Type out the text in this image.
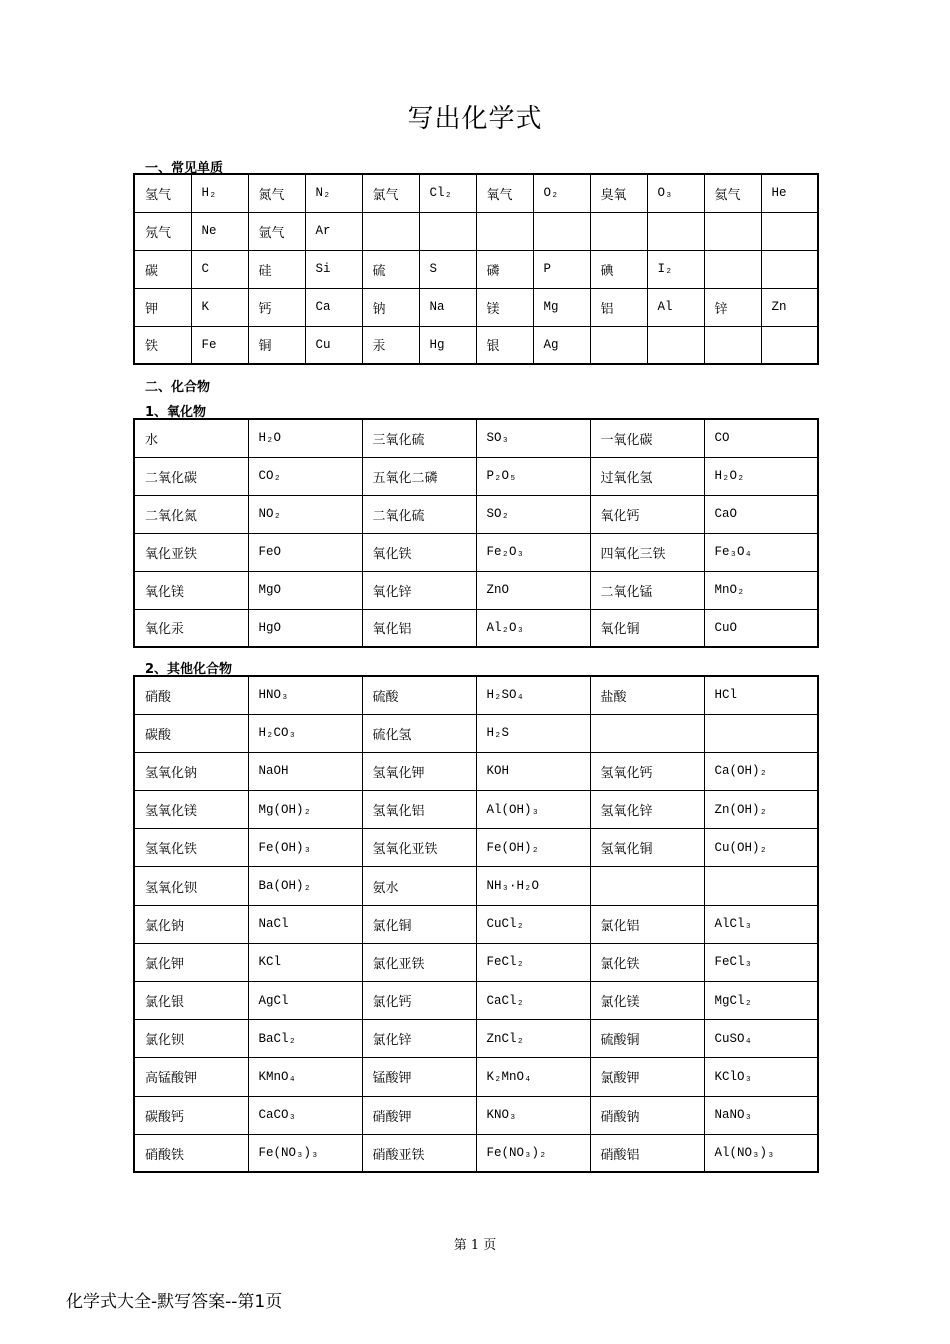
写出化学式
一、常见单质
氢气	H₂	氮气	N₂	氯气	Cl₂	氧气	O₂	臭氧	O₃	氦气	He
氖气	Ne	氩气	Ar								
碳	C	硅	Si	硫	S	磷	P	碘	I₂		
钾	K	钙	Ca	钠	Na	镁	Mg	铝	Al	锌	Zn
铁	Fe	铜	Cu	汞	Hg	银	Ag				
二、化合物
1、氧化物
水	H₂O	三氧化硫	SO₃	一氧化碳	CO
二氧化碳	CO₂	五氧化二磷	P₂O₅	过氧化氢	H₂O₂
二氧化氮	NO₂	二氧化硫	SO₂	氧化钙	CaO
氧化亚铁	FeO	氧化铁	Fe₂O₃	四氧化三铁	Fe₃O₄
氧化镁	MgO	氧化锌	ZnO	二氧化锰	MnO₂
氧化汞	HgO	氧化铝	Al₂O₃	氧化铜	CuO
2、其他化合物
硝酸	HNO₃	硫酸	H₂SO₄	盐酸	HCl
碳酸	H₂CO₃	硫化氢	H₂S		
氢氧化钠	NaOH	氢氧化钾	KOH	氢氧化钙	Ca(OH)₂
氢氧化镁	Mg(OH)₂	氢氧化铝	Al(OH)₃	氢氧化锌	Zn(OH)₂
氢氧化铁	Fe(OH)₃	氢氧化亚铁	Fe(OH)₂	氢氧化铜	Cu(OH)₂
氢氧化钡	Ba(OH)₂	氨水	NH₃·H₂O		
氯化钠	NaCl	氯化铜	CuCl₂	氯化铝	AlCl₃
氯化钾	KCl	氯化亚铁	FeCl₂	氯化铁	FeCl₃
氯化银	AgCl	氯化钙	CaCl₂	氯化镁	MgCl₂
氯化钡	BaCl₂	氯化锌	ZnCl₂	硫酸铜	CuSO₄
高锰酸钾	KMnO₄	锰酸钾	K₂MnO₄	氯酸钾	KClO₃
碳酸钙	CaCO₃	硝酸钾	KNO₃	硝酸钠	NaNO₃
硝酸铁	Fe(NO₃)₃	硝酸亚铁	Fe(NO₃)₂	硝酸铝	Al(NO₃)₃
第 1 页
化学式大全-默写答案--第1页
